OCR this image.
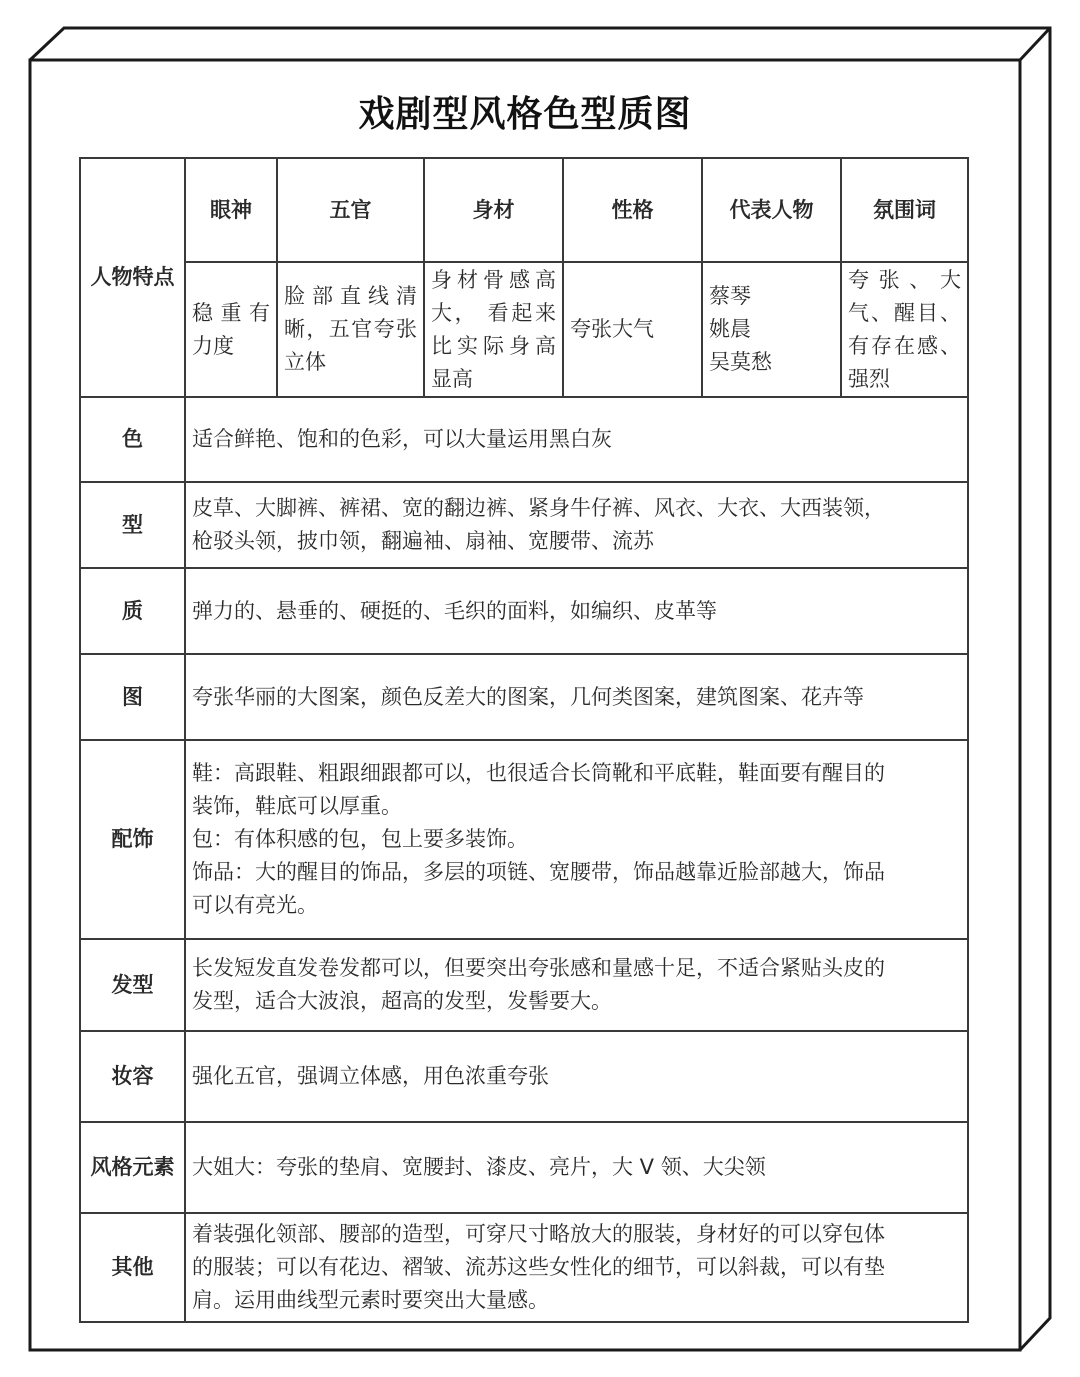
戏剧型风格色型质图
人物特点	眼神	五官	身材	性格	代表人物	氛围词

	稳 重 有
力度	脸 部 直 线 清
晰，五官夸张
立体	身材骨感高
大， 看起来
比实际身高
显高	夸张大气	蔡琴
姚晨
吴莫愁	夸 张 、 大
气、醒目、
有存在感、
强烈

色	适合鲜艳、饱和的色彩，可以大量运用黑白灰					

型	皮草、大脚裤、裤裙、宽的翻边裤、紧身牛仔裤、风衣、大衣、大西装领，
枪驳头领，披巾领，翻遍袖、扇袖、宽腰带、流苏					

质	弹力的、悬垂的、硬挺的、毛织的面料，如编织、皮革等					

图	夸张华丽的大图案，颜色反差大的图案，几何类图案，建筑图案、花卉等					

配饰	鞋：高跟鞋、粗跟细跟都可以，也很适合长筒靴和平底鞋，鞋面要有醒目的
装饰，鞋底可以厚重。
包：有体积感的包，包上要多装饰。
饰品：大的醒目的饰品，多层的项链、宽腰带，饰品越靠近脸部越大，饰品
可以有亮光。					

发型	长发短发直发卷发都可以，但要突出夸张感和量感十足，不适合紧贴头皮的
发型，适合大波浪，超高的发型，发髻要大。					

妆容	强化五官，强调立体感，用色浓重夸张					

风格元素	大姐大：夸张的垫肩、宽腰封、漆皮、亮片，大 V 领、大尖领					

其他	着装强化领部、腰部的造型，可穿尺寸略放大的服装，身材好的可以穿包体
的服装；可以有花边、褶皱、流苏这些女性化的细节，可以斜裁，可以有垫
肩。运用曲线型元素时要突出大量感。					
